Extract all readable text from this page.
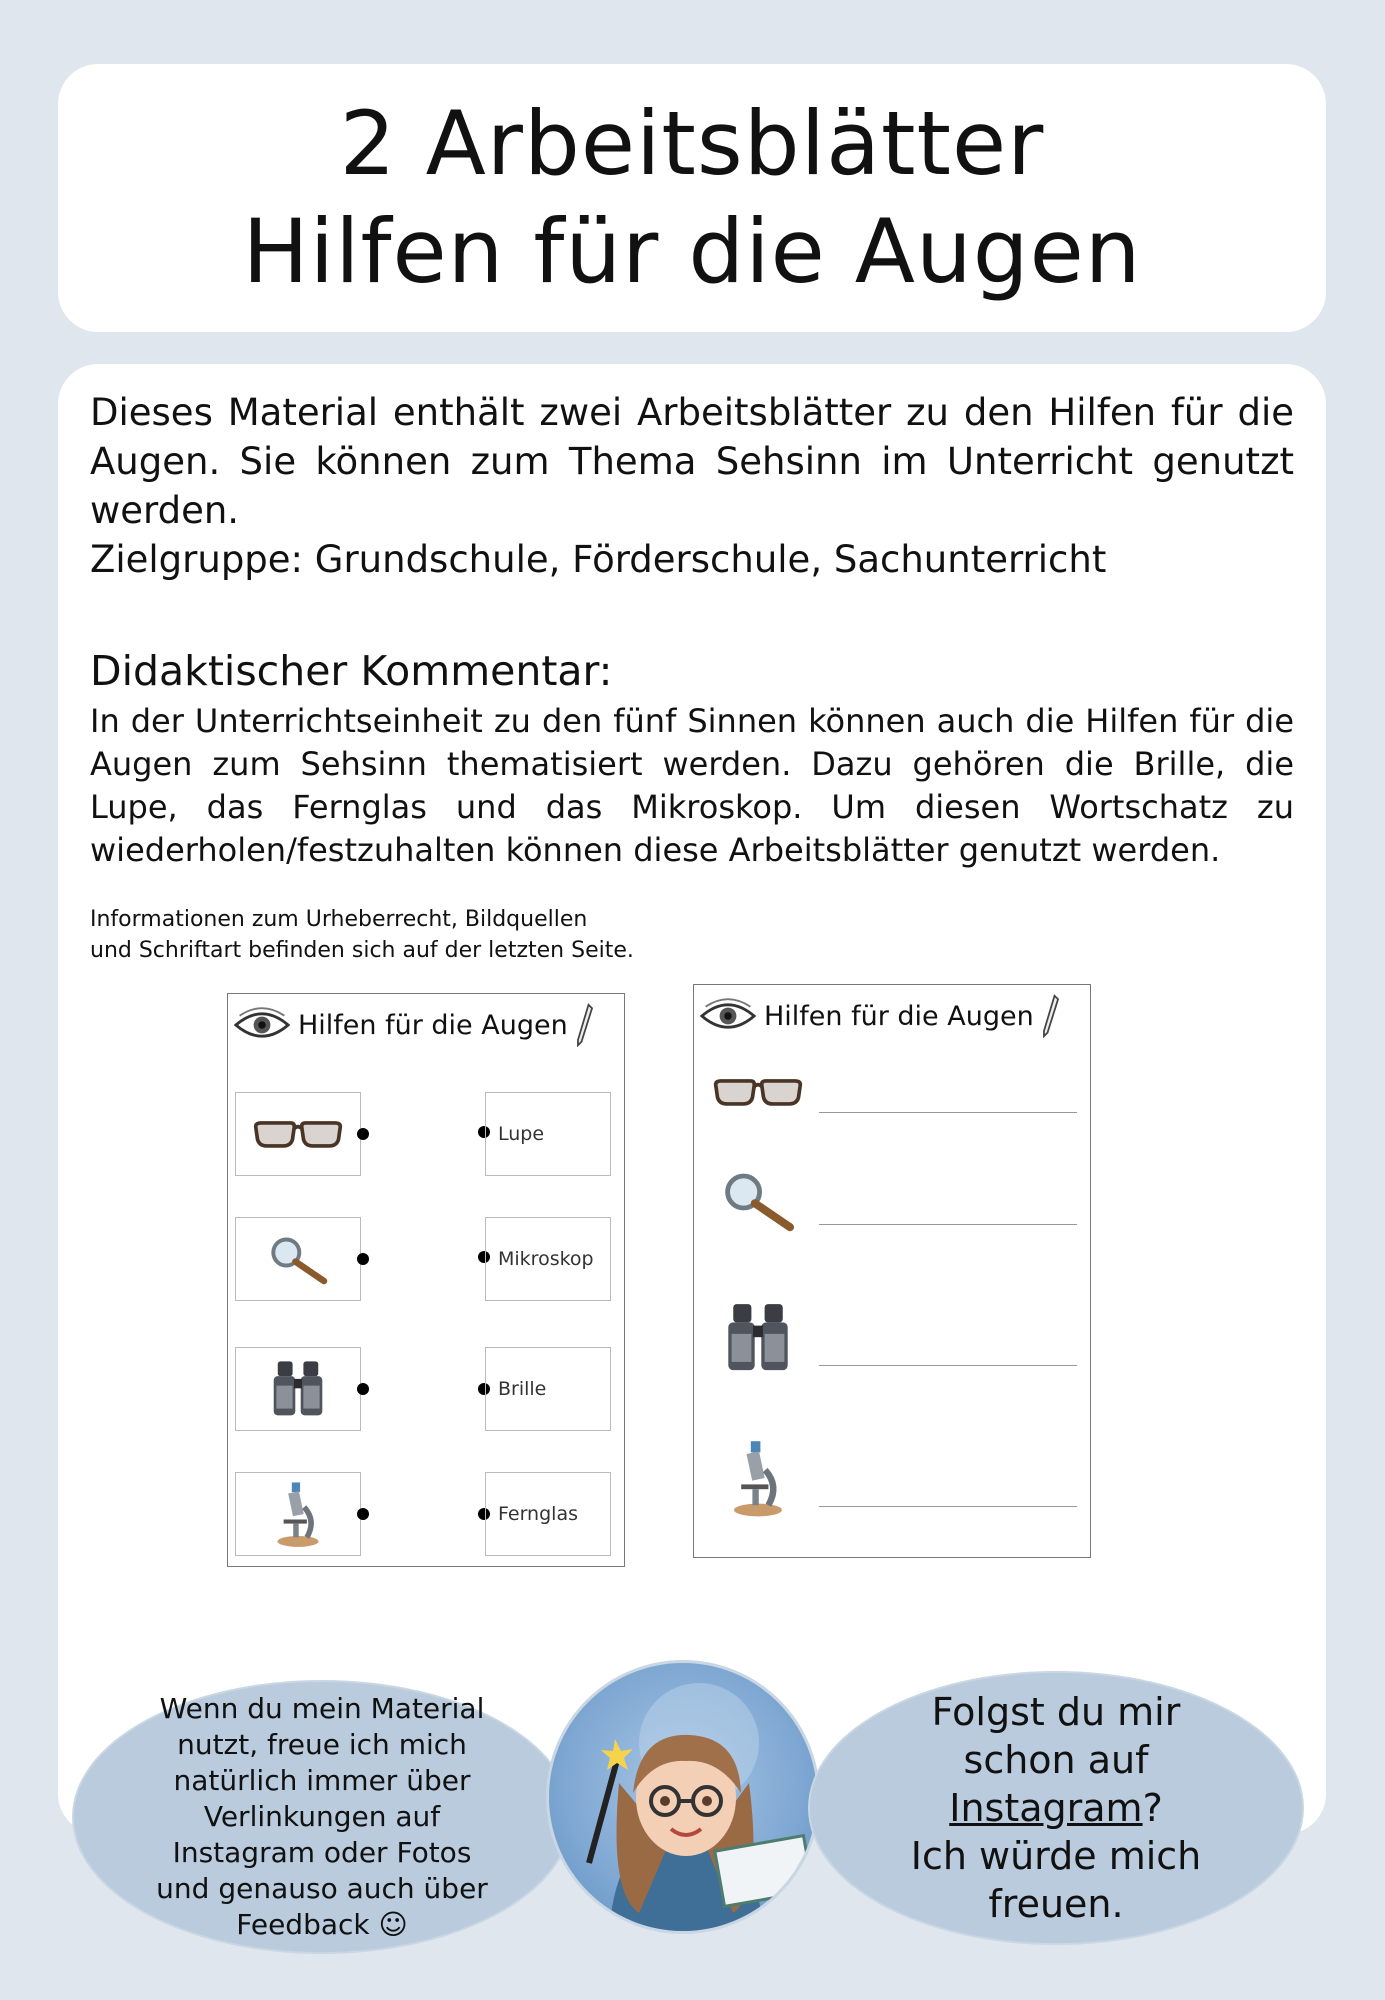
2 Arbeitsblätter
Hilfen für die Augen

Dieses Material enthält zwei Arbeitsblätter zu den Hilfen für die Augen. Sie können zum Thema Sehsinn im Unterricht genutzt werden.

Zielgruppe: Grundschule, Förderschule, Sachunterricht

Didaktischer Kommentar:
In der Unterrichtseinheit zu den fünf Sinnen können auch die Hilfen für die Augen zum Sehsinn thematisiert werden. Dazu gehören die Brille, die Lupe, das Fernglas und das Mikroskop. Um diesen Wortschatz zu wiederholen/festzuhalten können diese Arbeitsblätter genutzt werden.
Informationen zum Urheberrecht, Bildquellen
und Schriftart befinden sich auf der letzten Seite.
Hilfen für die Augen
Lupe
Mikroskop
Brille
Fernglas
Hilfen für die Augen
Wenn du mein Material
nutzt, freue ich mich
natürlich immer über
Verlinkungen auf
Instagram oder Fotos
und genauso auch über
Feedback ☺
Folgst du mir
schon auf
Instagram?
Ich würde mich
freuen.
